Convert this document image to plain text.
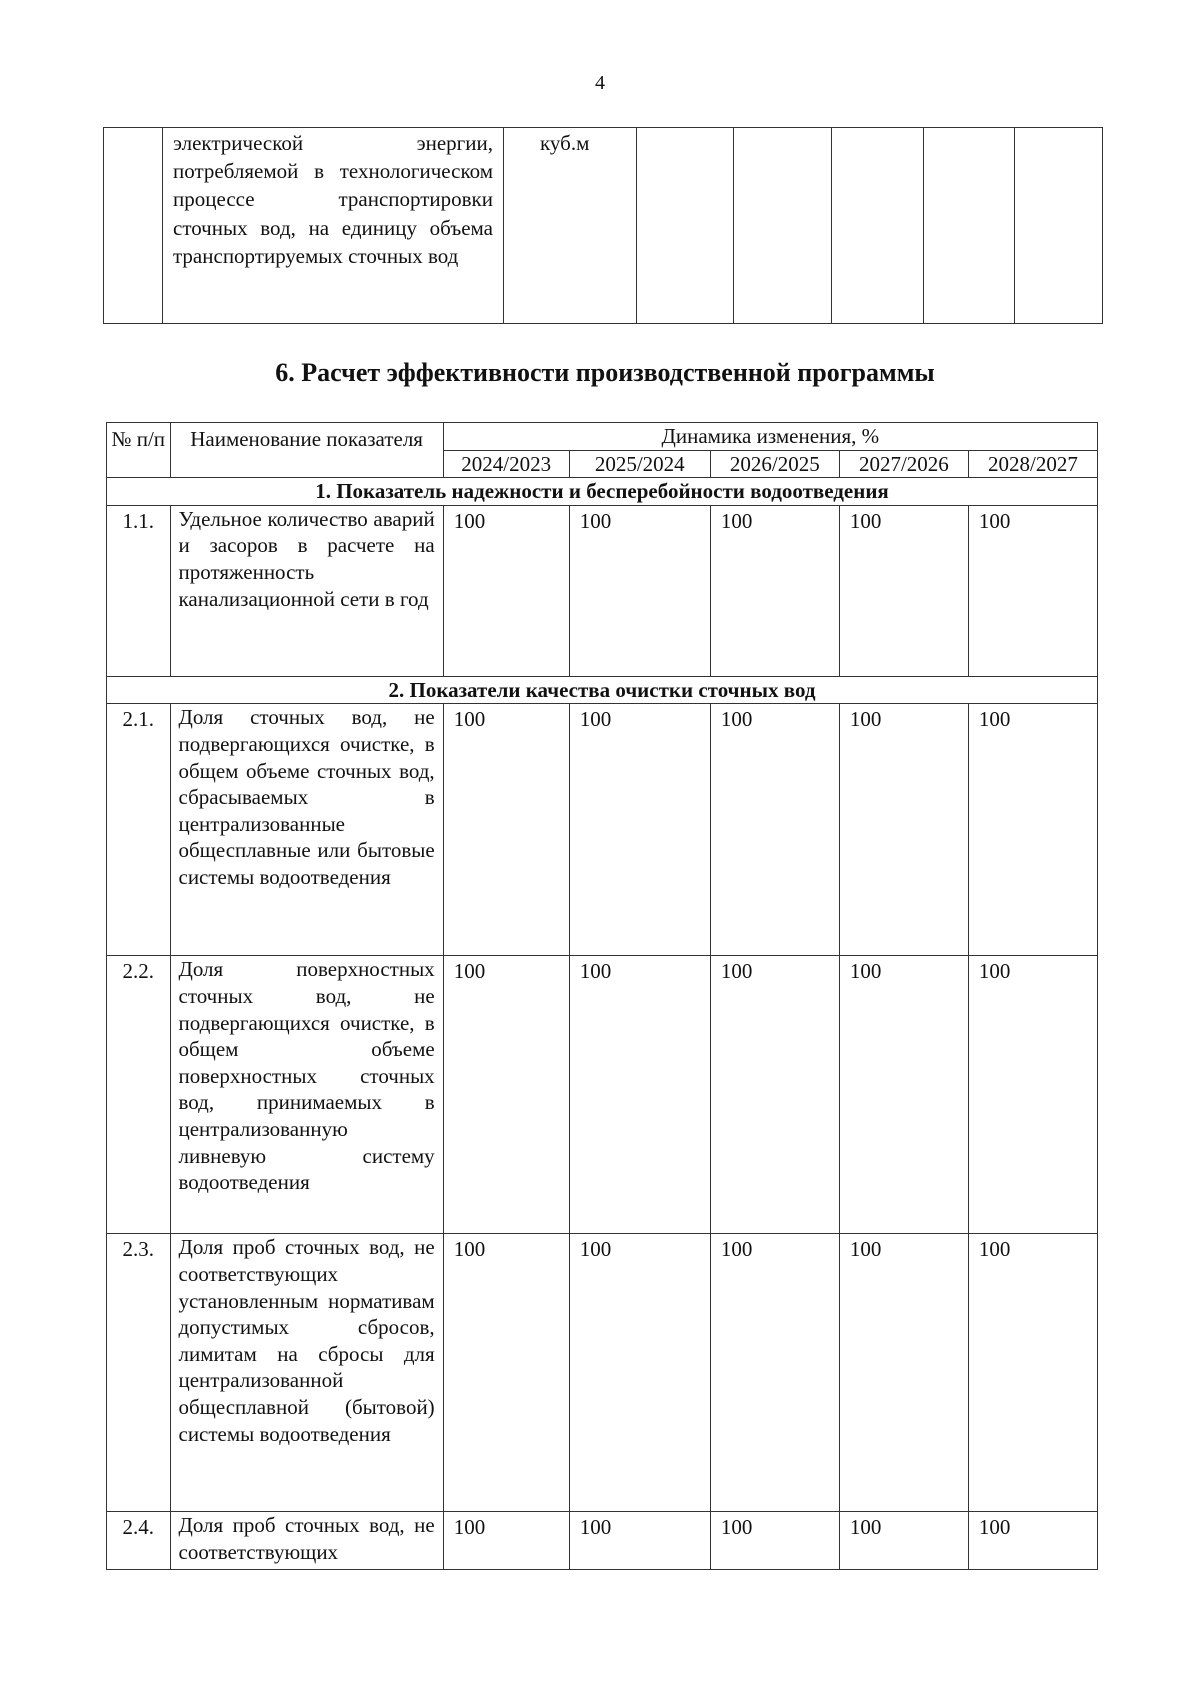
4
	электрической энергии, потребляемой в технологическом процессе транспортировки сточных вод, на единицу объема транспортируемых сточных вод	куб.м					
6. Расчет эффективности производственной программы
№ п/п	Наименование показателя	Динамика изменения, %				
		2024/2023	2025/2024	2026/2025	2027/2026	2028/2027
1. Показатель надежности и бесперебойности водоотведения						
1.1.	Удельное количество аварий и засоров в расчете на протяженность канализационной сети в год	100	100	100	100	100
2. Показатели качества очистки сточных вод						
2.1.	Доля сточных вод, не подвергающихся очистке, в общем объеме сточных вод, сбрасываемых в централизованные общесплавные или бытовые системы водоотведения	100	100	100	100	100
2.2.	Доля поверхностных сточных вод, не подвергающихся очистке, в общем объеме поверхностных сточных вод, принимаемых в централизованную ливневую систему водоотведения	100	100	100	100	100
2.3.	Доля проб сточных вод, не соответствующих установленным нормативам допустимых сбросов, лимитам на сбросы для централизованной общесплавной (бытовой) системы водоотведения	100	100	100	100	100
2.4.	Доля проб сточных вод, не соответствующих	100	100	100	100	100
